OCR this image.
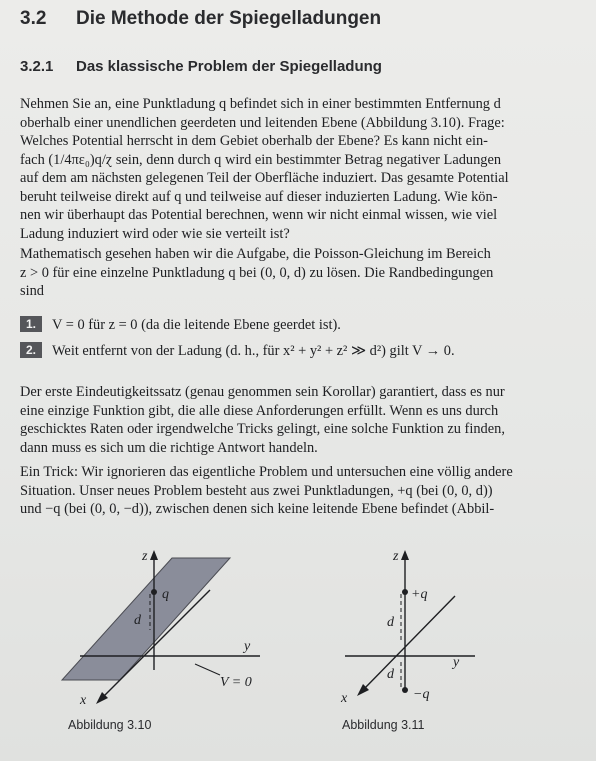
3.2 Die Methode der Spiegelladungen
3.2.1 Das klassische Problem der Spiegelladung
Nehmen Sie an, eine Punktladung q befindet sich in einer bestimmten Entfernung d
oberhalb einer unendlichen geerdeten und leitenden Ebene (Abbildung 3.10). Frage:
Welches Potential herrscht in dem Gebiet oberhalb der Ebene? Es kann nicht ein-
fach (1/4πε₀)q/ɀ sein, denn durch q wird ein bestimmter Betrag negativer Ladungen
auf dem am nächsten gelegenen Teil der Oberfläche induziert. Das gesamte Potential
beruht teilweise direkt auf q und teilweise auf dieser induzierten Ladung. Wie kön-
nen wir überhaupt das Potential berechnen, wenn wir nicht einmal wissen, wie viel
Ladung induziert wird oder wie sie verteilt ist?
Mathematisch gesehen haben wir die Aufgabe, die Poisson-Gleichung im Bereich
z > 0 für eine einzelne Punktladung q bei (0, 0, d) zu lösen. Die Randbedingungen
sind
1. V = 0 für z = 0 (da die leitende Ebene geerdet ist).
2. Weit entfernt von der Ladung (d. h., für x² + y² + z² ≫ d²) gilt V → 0.
Der erste Eindeutigkeitssatz (genau genommen sein Korollar) garantiert, dass es nur
eine einzige Funktion gibt, die alle diese Anforderungen erfüllt. Wenn es uns durch
geschicktes Raten oder irgendwelche Tricks gelingt, eine solche Funktion zu finden,
dann muss es sich um die richtige Antwort handeln.
Ein Trick: Wir ignorieren das eigentliche Problem und untersuchen eine völlig andere
Situation. Unser neues Problem besteht aus zwei Punktladungen, +q (bei (0, 0, d))
und −q (bei (0, 0, −d)), zwischen denen sich keine leitende Ebene befindet (Abbil-
z
q
d
y
V = 0
x
Abbildung 3.10
z
+q
d
y
d
x	−q
Abbildung 3.11
